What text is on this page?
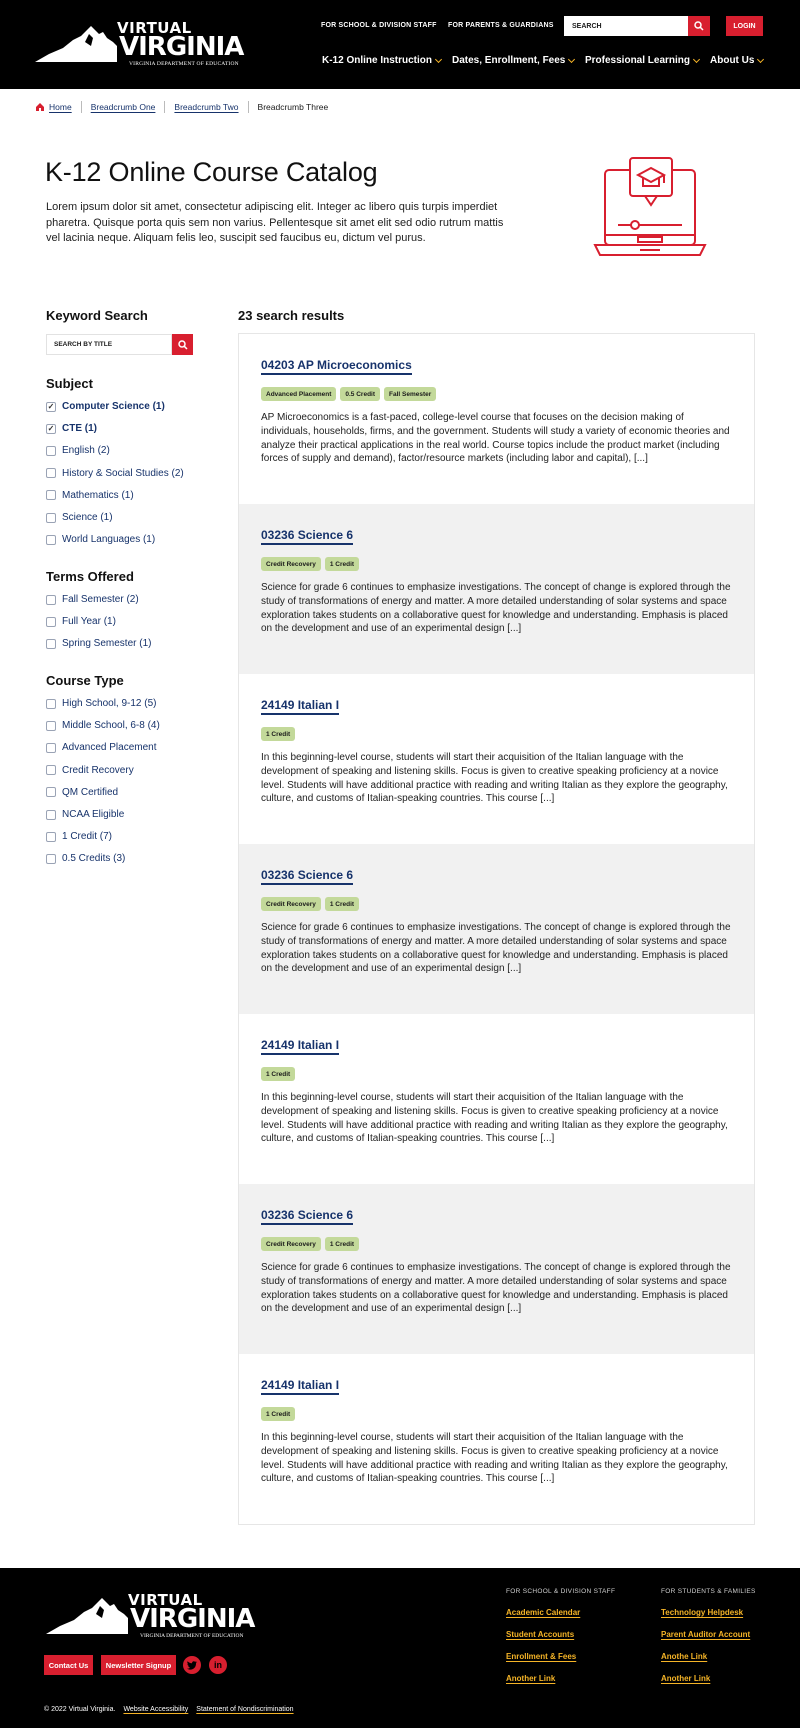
VIRTUAL
VIRGINIA
VIRGINIA DEPARTMENT OF EDUCATION
FOR SCHOOL & DIVISION STAFF FOR PARENTS & GUARDIANS
SEARCH	LOGIN
K-12 Online Instruction Dates, Enrollment, Fees Professional Learning About Us
Home Breadcrumb One Breadcrumb Two Breadcrumb Three
K-12 Online Course Catalog

Lorem ipsum dolor sit amet, consectetur adipiscing elit. Integer ac libero quis turpis imperdiet pharetra. Quisque porta quis sem non varius. Pellentesque sit amet elit sed odio rutrum mattis vel lacinia neque. Aliquam felis leo, suscipit sed faucibus eu, dictum vel purus.

Keyword Search
SEARCH BY TITLE
Subject
✓ Computer Science (1)
✓ CTE (1)
English (2)
History & Social Studies (2)
Mathematics (1)
Science (1)
World Languages (1)
Terms Offered
Fall Semester (2)
Full Year (1)
Spring Semester (1)
Course Type
High School, 9-12 (5)
Middle School, 6-8 (4)
Advanced Placement
Credit Recovery
QM Certified
NCAA Eligible
1 Credit (7)
0.5 Credits (3)
23 search results
04203 AP Microeconomics
Advanced Placement	0.5 Credit	Fall Semester

AP Microeconomics is a fast-paced, college-level course that focuses on the decision making of individuals, households, firms, and the government. Students will study a variety of economic theories and analyze their practical applications in the real world. Course topics include the product market (including forces of supply and demand), factor/resource markets (including labor and capital), [...]

03236 Science 6
Credit Recovery	1 Credit

Science for grade 6 continues to emphasize investigations. The concept of change is explored through the study of transformations of energy and matter. A more detailed understanding of solar systems and space exploration takes students on a collaborative quest for knowledge and understanding. Emphasis is placed on the development and use of an experimental design [...]

24149 Italian I
1 Credit

In this beginning-level course, students will start their acquisition of the Italian language with the development of speaking and listening skills. Focus is given to creative speaking proficiency at a novice level. Students will have additional practice with reading and writing Italian as they explore the geography, culture, and customs of Italian-speaking countries. This course [...]

03236 Science 6
Credit Recovery	1 Credit

Science for grade 6 continues to emphasize investigations. The concept of change is explored through the study of transformations of energy and matter. A more detailed understanding of solar systems and space exploration takes students on a collaborative quest for knowledge and understanding. Emphasis is placed on the development and use of an experimental design [...]

24149 Italian I
1 Credit

In this beginning-level course, students will start their acquisition of the Italian language with the development of speaking and listening skills. Focus is given to creative speaking proficiency at a novice level. Students will have additional practice with reading and writing Italian as they explore the geography, culture, and customs of Italian-speaking countries. This course [...]

03236 Science 6
Credit Recovery	1 Credit

Science for grade 6 continues to emphasize investigations. The concept of change is explored through the study of transformations of energy and matter. A more detailed understanding of solar systems and space exploration takes students on a collaborative quest for knowledge and understanding. Emphasis is placed on the development and use of an experimental design [...]

24149 Italian I
1 Credit

In this beginning-level course, students will start their acquisition of the Italian language with the development of speaking and listening skills. Focus is given to creative speaking proficiency at a novice level. Students will have additional practice with reading and writing Italian as they explore the geography, culture, and customs of Italian-speaking countries. This course [...]

VIRTUAL
VIRGINIA
VIRGINIA DEPARTMENT OF EDUCATION
Contact Us	Newsletter Signup	in
© 2022 Virtual Virginia. Website Accessibility Statement of Nondiscrimination
FOR SCHOOL & DIVISION STAFF
Academic Calendar
Student Accounts
Enrollment & Fees
Another Link
FOR STUDENTS & FAMILIES
Technology Helpdesk
Parent Auditor Account
Anothe Link
Another Link
